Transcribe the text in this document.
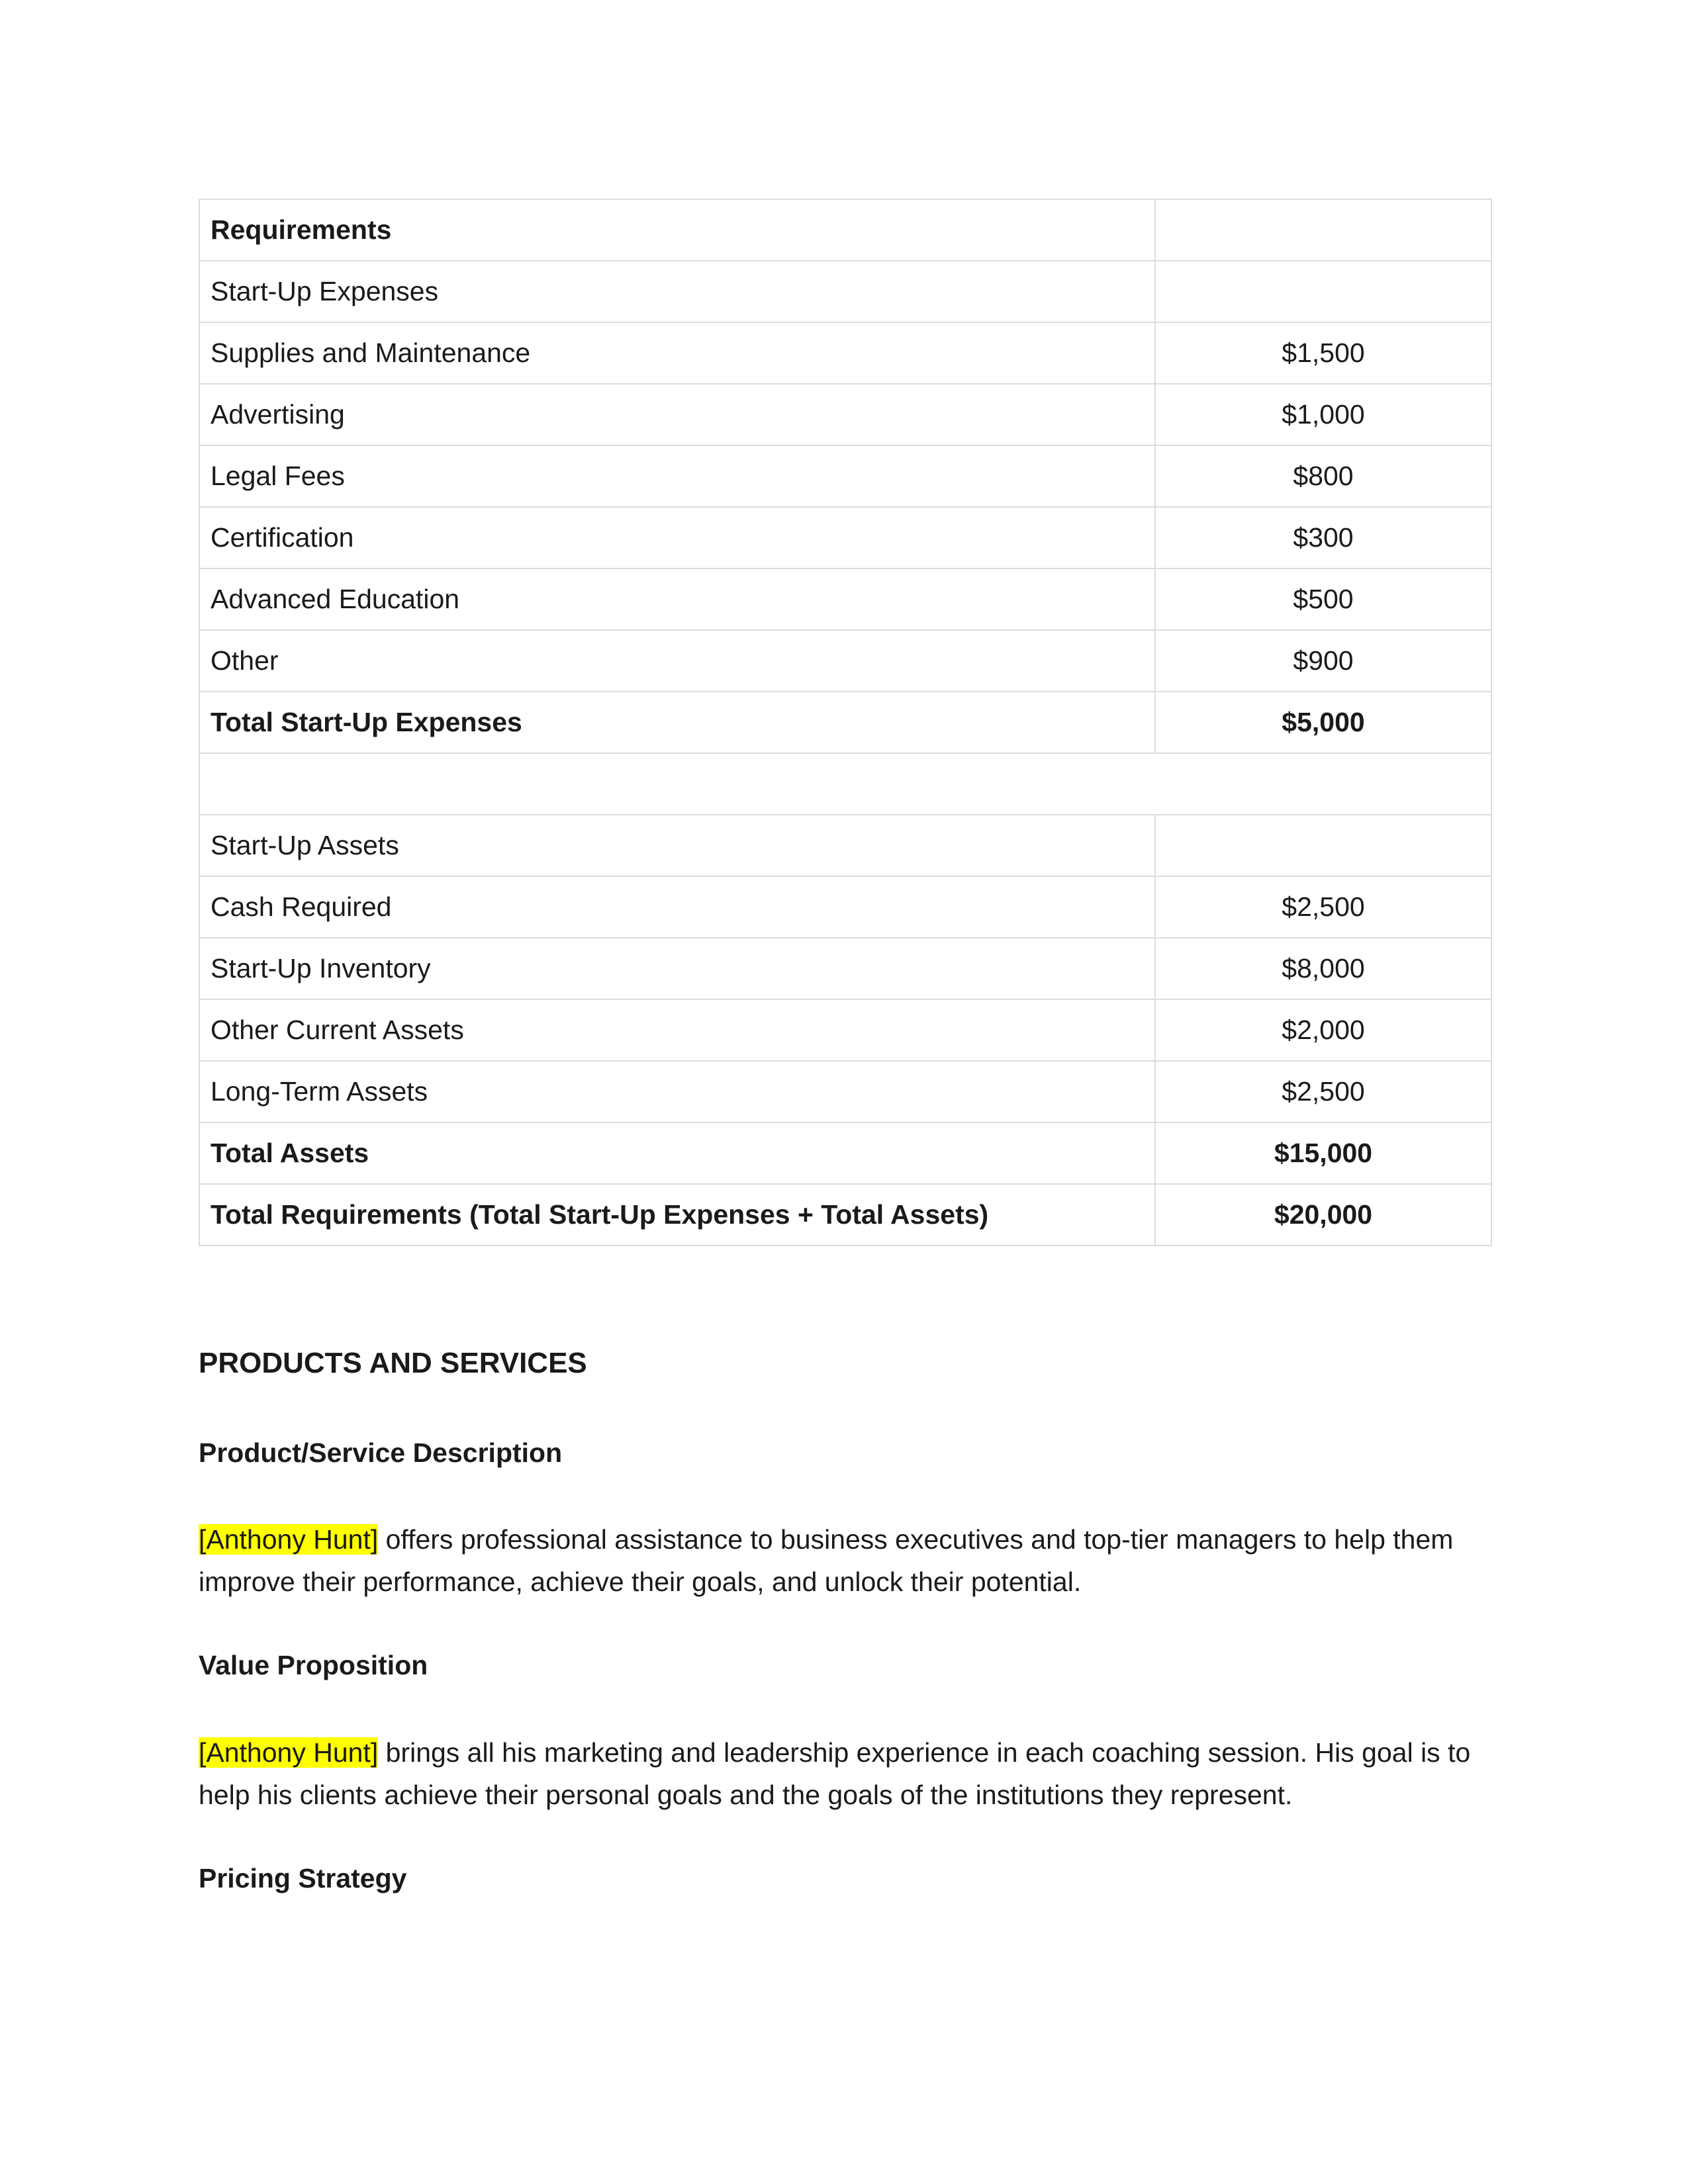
Requirements	
Start-Up Expenses	
Supplies and Maintenance	$1,500
Advertising	$1,000
Legal Fees	$800
Certification	$300
Advanced Education	$500
Other	$900
Total Start-Up Expenses	$5,000

Start-Up Assets	
Cash Required	$2,500
Start-Up Inventory	$8,000
Other Current Assets	$2,000
Long-Term Assets	$2,500
Total Assets	$15,000
Total Requirements (Total Start-Up Expenses + Total Assets)	$20,000
PRODUCTS AND SERVICES
Product/Service Description

[Anthony Hunt] offers professional assistance to business executives and top-tier managers to help them improve their performance, achieve their goals, and unlock their potential.

Value Proposition

[Anthony Hunt] brings all his marketing and leadership experience in each coaching session. His goal is to help his clients achieve their personal goals and the goals of the institutions they represent.

Pricing Strategy
